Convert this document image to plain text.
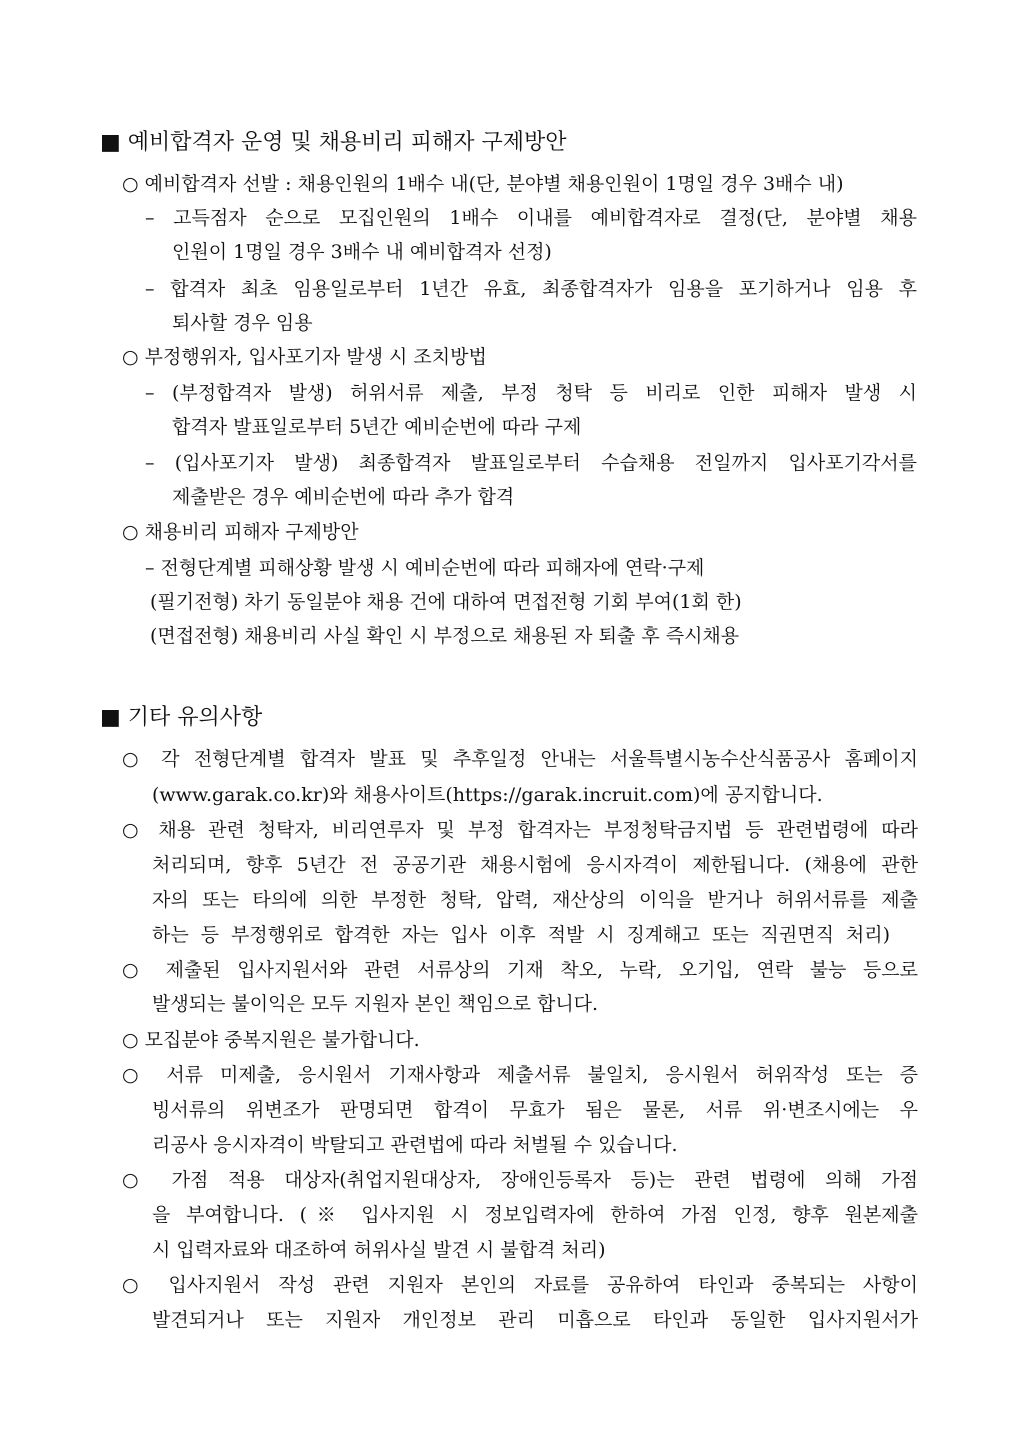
■ 예비합격자 운영 및 채용비리 피해자 구제방안
○ 예비합격자 선발 : 채용인원의 1배수 내(단, 분야별 채용인원이 1명일 경우 3배수 내)
– 고득점자 순으로 모집인원의 1배수 이내를 예비합격자로 결정(단, 분야별 채용
인원이 1명일 경우 3배수 내 예비합격자 선정)
– 합격자 최초 임용일로부터 1년간 유효, 최종합격자가 임용을 포기하거나 임용 후
퇴사할 경우 임용
○ 부정행위자, 입사포기자 발생 시 조치방법
– (부정합격자 발생) 허위서류 제출, 부정 청탁 등 비리로 인한 피해자 발생 시
합격자 발표일로부터 5년간 예비순번에 따라 구제
– (입사포기자 발생) 최종합격자 발표일로부터 수습채용 전일까지 입사포기각서를
제출받은 경우 예비순번에 따라 추가 합격
○ 채용비리 피해자 구제방안
– 전형단계별 피해상황 발생 시 예비순번에 따라 피해자에 연락·구제
(필기전형) 차기 동일분야 채용 건에 대하여 면접전형 기회 부여(1회 한)
(면접전형) 채용비리 사실 확인 시 부정으로 채용된 자 퇴출 후 즉시채용
■ 기타 유의사항
○ 각 전형단계별 합격자 발표 및 추후일정 안내는 서울특별시농수산식품공사 홈페이지
(www.garak.co.kr)와 채용사이트(https://garak.incruit.com)에 공지합니다.
○ 채용 관련 청탁자, 비리연루자 및 부정 합격자는 부정청탁금지법 등 관련법령에 따라
처리되며, 향후 5년간 전 공공기관 채용시험에 응시자격이 제한됩니다. (채용에 관한
자의 또는 타의에 의한 부정한 청탁, 압력, 재산상의 이익을 받거나 허위서류를 제출
하는 등 부정행위로 합격한 자는 입사 이후 적발 시 징계해고 또는 직권면직 처리)
○ 제출된 입사지원서와 관련 서류상의 기재 착오, 누락, 오기입, 연락 불능 등으로
발생되는 불이익은 모두 지원자 본인 책임으로 합니다.
○ 모집분야 중복지원은 불가합니다.
○ 서류 미제출, 응시원서 기재사항과 제출서류 불일치, 응시원서 허위작성 또는 증
빙서류의 위변조가 판명되면 합격이 무효가 됨은 물론, 서류 위·변조시에는 우
리공사 응시자격이 박탈되고 관련법에 따라 처벌될 수 있습니다.
○ 가점 적용 대상자(취업지원대상자, 장애인등록자 등)는 관련 법령에 의해 가점
을 부여합니다. (※ 입사지원 시 정보입력자에 한하여 가점 인정, 향후 원본제출
시 입력자료와 대조하여 허위사실 발견 시 불합격 처리)
○ 입사지원서 작성 관련 지원자 본인의 자료를 공유하여 타인과 중복되는 사항이
발견되거나 또는 지원자 개인정보 관리 미흡으로 타인과 동일한 입사지원서가
